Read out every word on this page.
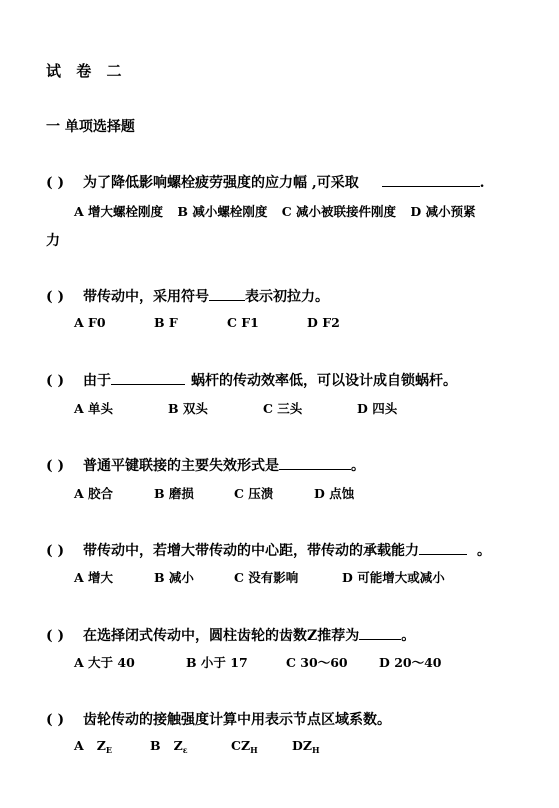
试 卷 二
一 单项选择题
( ) 为了降低影响螺栓疲劳强度的应力幅 ,可采取	.
A 增大螺栓刚度 B 减小螺栓刚度 C 减小被联接件刚度 D 减小预紧
力
( ) 带传动中，采用符号	表示初拉力。
A F0	B F	C F1	D F2
( ) 由于	蜗杆的传动效率低，可以设计成自锁蜗杆。
A 单头	B 双头	C 三头	D 四头
( ) 普通平键联接的主要失效形式是	。
A 胶合	B 磨损	C 压溃	D 点蚀
( ) 带传动中，若增大带传动的中心距，带传动的承载能力	。
A 增大	B 减小	C 没有影响	D 可能增大或减小
( ) 在选择闭式传动中，圆柱齿轮的齿数Z推荐为	。
A 大于 40	B 小于 17	C 30～60	D 20～40
( ) 齿轮传动的接触强度计算中用表示节点区域系数。
A $Z_E$	B $Z_\varepsilon$	$CZ_H$	$DZ_H$
